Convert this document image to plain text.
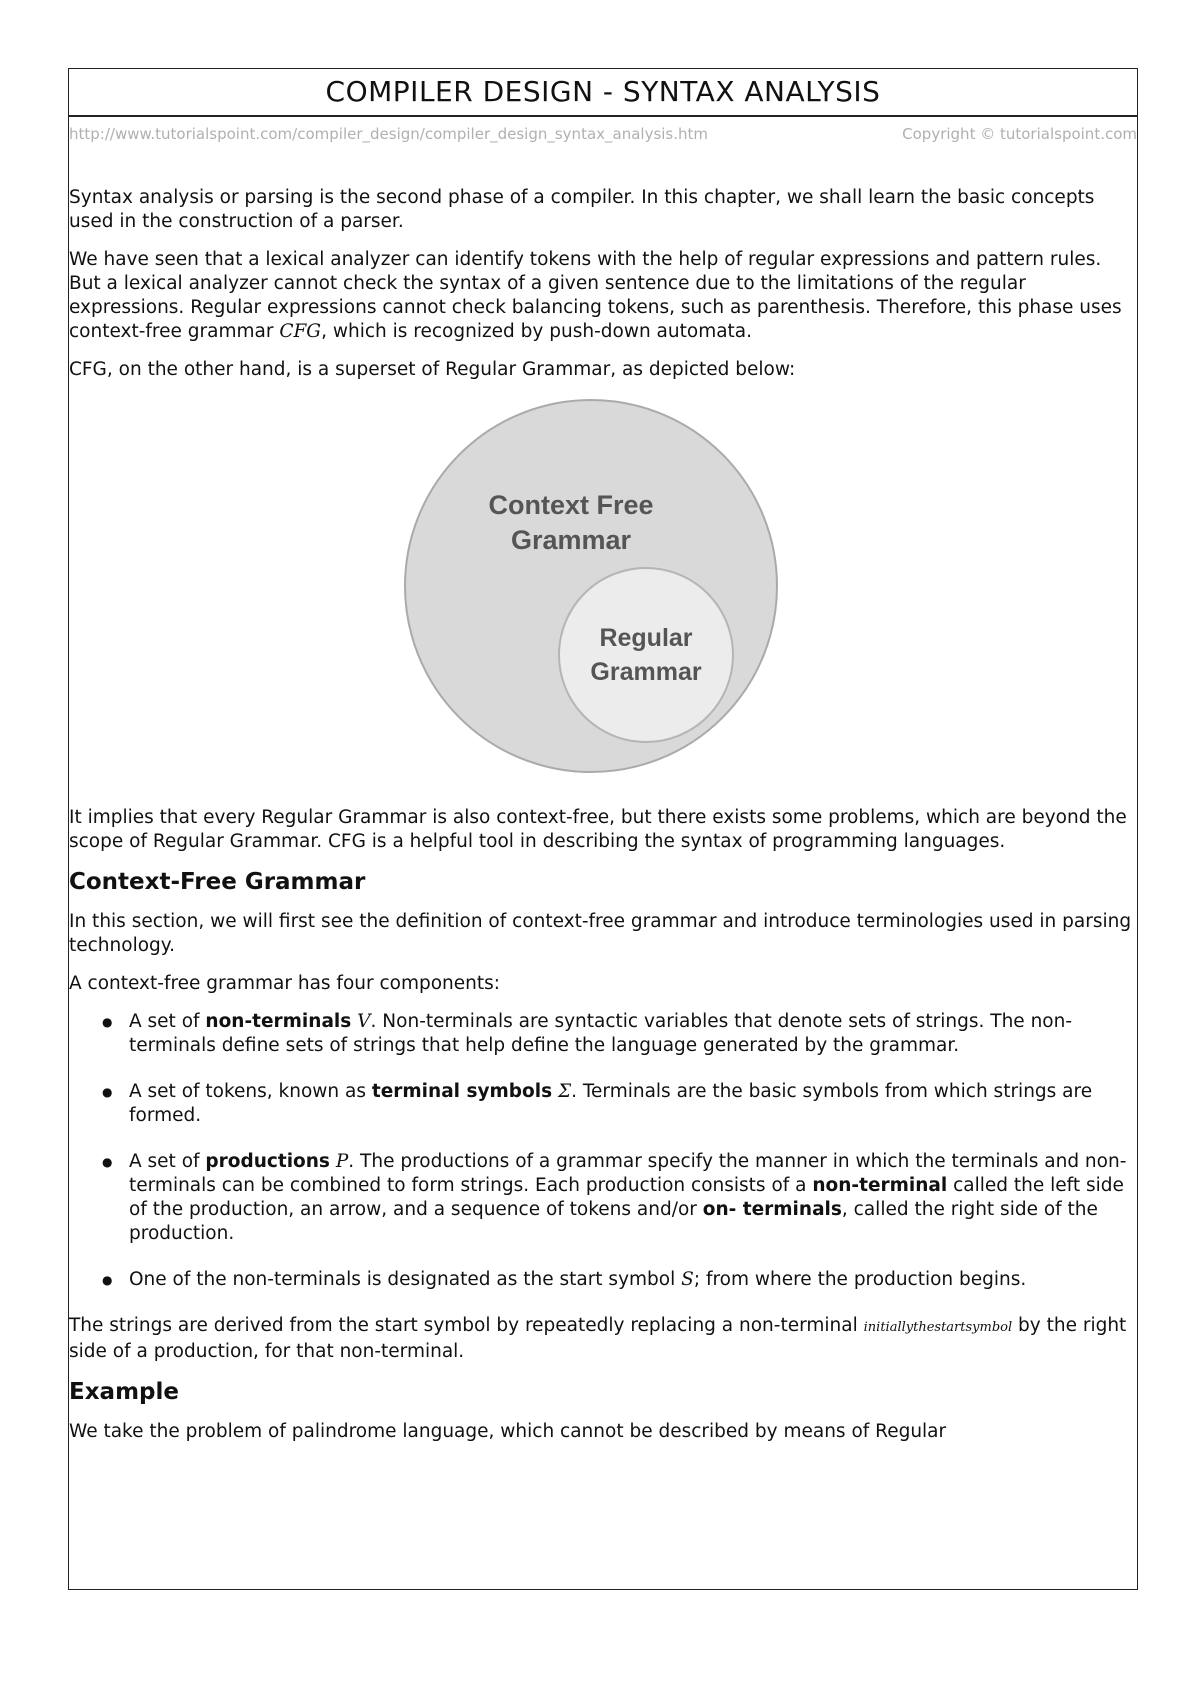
COMPILER DESIGN - SYNTAX ANALYSIS
http://www.tutorialspoint.com/compiler_design/compiler_design_syntax_analysis.htm	Copyright © tutorialspoint.com

Syntax analysis or parsing is the second phase of a compiler. In this chapter, we shall learn the basic concepts used in the construction of a parser.

We have seen that a lexical analyzer can identify tokens with the help of regular expressions and pattern rules. But a lexical analyzer cannot check the syntax of a given sentence due to the limitations of the regular expressions. Regular expressions cannot check balancing tokens, such as parenthesis. Therefore, this phase uses context-free grammar CFG, which is recognized by push-down automata.

CFG, on the other hand, is a superset of Regular Grammar, as depicted below:

Context Free
Grammar
Regular
Grammar

It implies that every Regular Grammar is also context-free, but there exists some problems, which are beyond the scope of Regular Grammar. CFG is a helpful tool in describing the syntax of programming languages.

Context-Free Grammar

In this section, we will first see the definition of context-free grammar and introduce terminologies used in parsing technology.

A context-free grammar has four components:

● A set of non-terminals V. Non-terminals are syntactic variables that denote sets of strings. The non-terminals define sets of strings that help define the language generated by the grammar.
● A set of tokens, known as terminal symbols Σ. Terminals are the basic symbols from which strings are formed.
● A set of productions P. The productions of a grammar specify the manner in which the terminals and non-terminals can be combined to form strings. Each production consists of a non-terminal called the left side of the production, an arrow, and a sequence of tokens and/or on- terminals, called the right side of the production.
● One of the non-terminals is designated as the start symbol S; from where the production begins.

The strings are derived from the start symbol by repeatedly replacing a non-terminal initiallythestartsymbol by the right side of a production, for that non-terminal.

Example

We take the problem of palindrome language, which cannot be described by means of Regular
